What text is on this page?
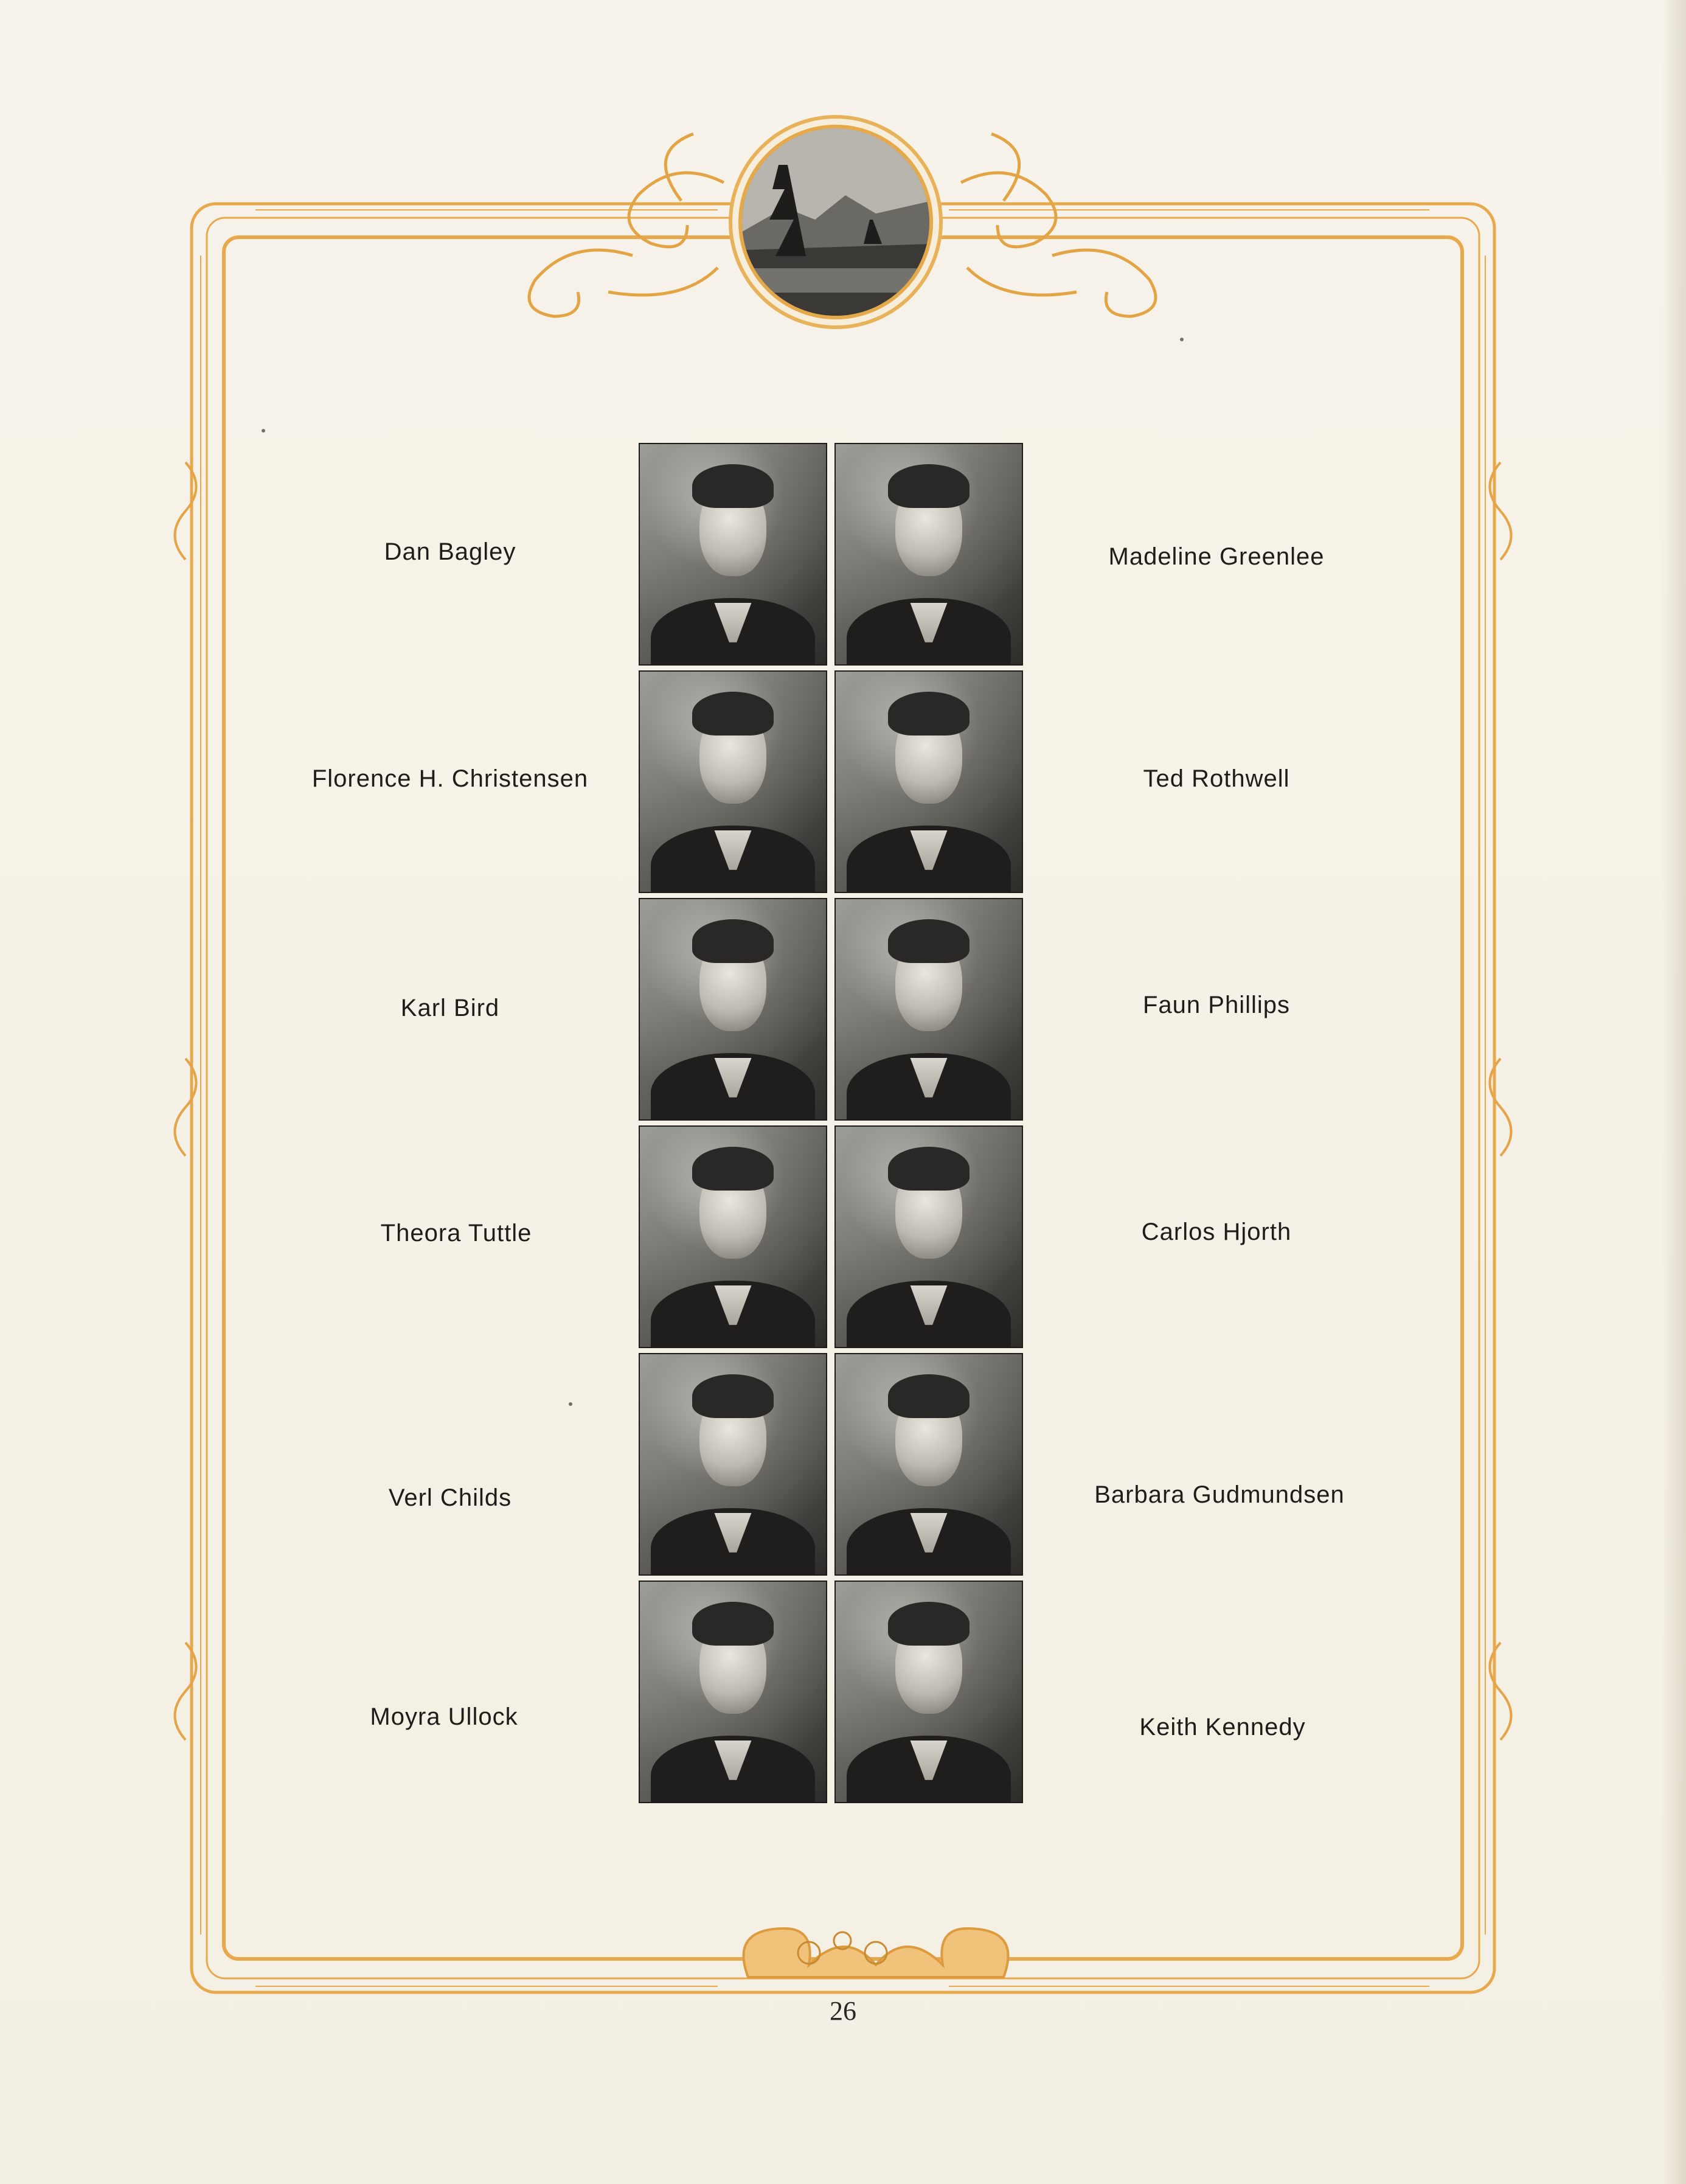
Dan Bagley
Florence H. Christensen
Karl Bird
Theora Tuttle
Verl Childs
Moyra Ullock
Madeline Greenlee
Ted Rothwell
Faun Phillips
Carlos Hjorth
Barbara Gudmundsen
Keith Kennedy
26
